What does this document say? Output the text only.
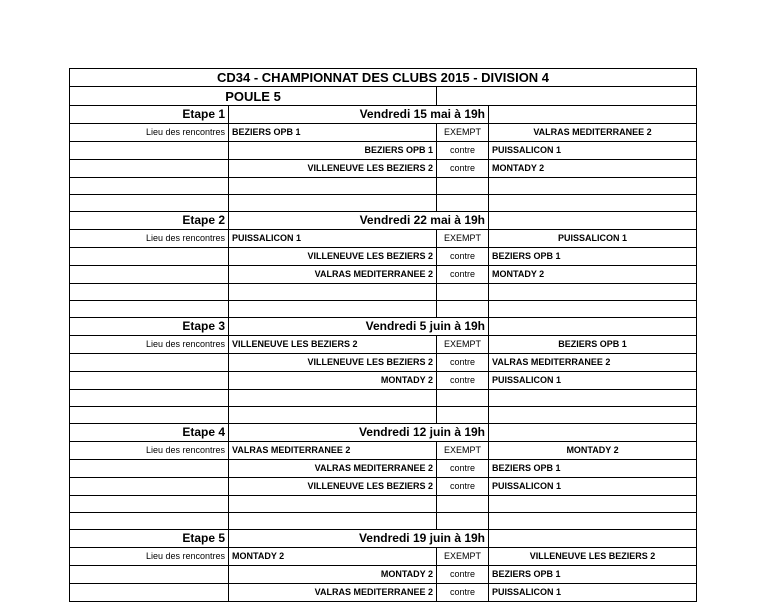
CD34 - CHAMPIONNAT DES CLUBS 2015 - DIVISION 4			
POULE 5			
Etape 1	Vendredi 15 mai à 19h		
Lieu des rencontres	BEZIERS OPB 1	EXEMPT	VALRAS MEDITERRANEE 2
	BEZIERS OPB 1	contre	PUISSALICON 1
	VILLENEUVE LES BEZIERS 2	contre	MONTADY 2

Etape 2	Vendredi 22 mai à 19h		
Lieu des rencontres	PUISSALICON 1	EXEMPT	PUISSALICON 1
	VILLENEUVE LES BEZIERS 2	contre	BEZIERS OPB 1
	VALRAS MEDITERRANEE 2	contre	MONTADY 2

Etape 3	Vendredi 5 juin à 19h		
Lieu des rencontres	VILLENEUVE LES BEZIERS 2	EXEMPT	BEZIERS OPB 1
	VILLENEUVE LES BEZIERS 2	contre	VALRAS MEDITERRANEE 2
	MONTADY 2	contre	PUISSALICON 1

Etape 4	Vendredi 12 juin à 19h		
Lieu des rencontres	VALRAS MEDITERRANEE 2	EXEMPT	MONTADY 2
	VALRAS MEDITERRANEE 2	contre	BEZIERS OPB 1
	VILLENEUVE LES BEZIERS 2	contre	PUISSALICON 1

Etape 5	Vendredi 19 juin à 19h		
Lieu des rencontres	MONTADY 2	EXEMPT	VILLENEUVE LES BEZIERS 2
	MONTADY 2	contre	BEZIERS OPB 1
	VALRAS MEDITERRANEE 2	contre	PUISSALICON 1
